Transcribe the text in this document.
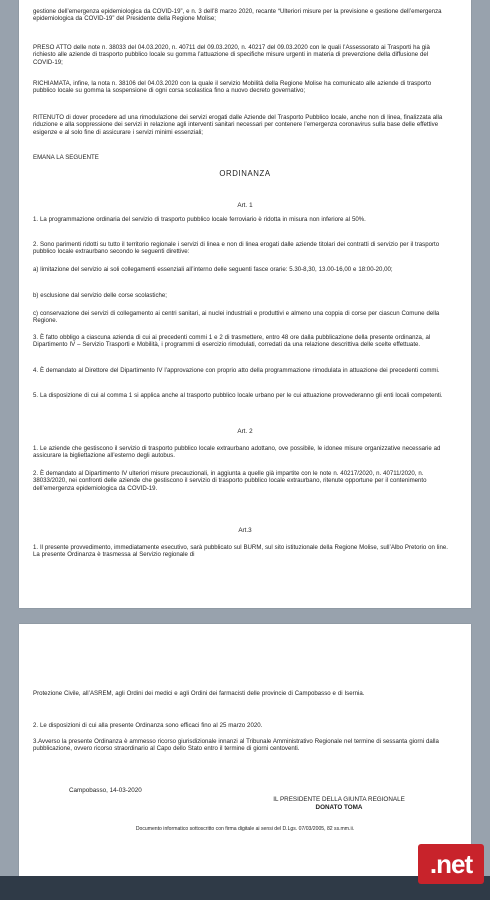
gestione dell’emergenza epidemiologica da COVID-19”, e n. 3 dell’8 marzo 2020, recante “Ulteriori misure per la previsione e gestione dell’emergenza epidemiologica da COVID-19” del Presidente della Regione Molise;

PRESO ATTO delle note n. 38033 del 04.03.2020, n. 40711 del 09.03.2020, n. 40217 del 09.03.2020 con le quali l’Assessorato ai Trasporti ha già richiesto alle aziende di trasporto pubblico locale su gomma l’attuazione di specifiche misure urgenti in materia di prevenzione della diffusione del COVID-19;

RICHIAMATA, infine, la nota n. 38106 del 04.03.2020 con la quale il servizio Mobilità della Regione Molise ha comunicato alle aziende di trasporto pubblico locale su gomma la sospensione di ogni corsa scolastica fino a nuovo decreto governativo;

RITENUTO di dover procedere ad una rimodulazione dei servizi erogati dalle Aziende del Trasporto Pubblico locale, anche non di linea, finalizzata alla riduzione e alla soppressione dei servizi in relazione agli interventi sanitari necessari per contenere l’emergenza coronavirus sulla base delle effettive esigenze e al solo fine di assicurare i servizi minimi essenziali;

EMANA LA SEGUENTE

ORDINANZA

Art. 1

1. La programmazione ordinaria del servizio di trasporto pubblico locale ferroviario è ridotta in misura non inferiore al 50%.

2. Sono parimenti ridotti su tutto il territorio regionale i servizi di linea e non di linea erogati dalle aziende titolari dei contratti di servizio per il trasporto pubblico locale extraurbano secondo le seguenti direttive:

a) limitazione del servizio ai soli collegamenti essenziali all’interno delle seguenti fasce orarie: 5.30-8,30, 13.00-16,00 e 18:00-20,00;

b) esclusione dal servizio delle corse scolastiche;

c) conservazione dei servizi di collegamento ai centri sanitari, ai nuclei industriali e produttivi e almeno una coppia di corse per ciascun Comune della Regione.

3. È fatto obbligo a ciascuna azienda di cui ai precedenti commi 1 e 2 di trasmettere, entro 48 ore dalla pubblicazione della presente ordinanza, al Dipartimento IV – Servizio Trasporti e Mobilità, i programmi di esercizio rimodulati, corredati da una relazione descrittiva delle scelte effettuate.

4. È demandato al Direttore del Dipartimento IV l’approvazione con proprio atto della programmazione rimodulata in attuazione dei precedenti commi.

5. La disposizione di cui al comma 1 si applica anche al trasporto pubblico locale urbano per le cui attuazione provvederanno gli enti locali competenti.

Art. 2

1. Le aziende che gestiscono il servizio di trasporto pubblico locale extraurbano adottano, ove possibile, le idonee misure organizzative necessarie ad assicurare la bigliettazione all’esterno degli autobus.

2. È demandato al Dipartimento IV ulteriori misure precauzionali, in aggiunta a quelle già impartite con le note n. 40217/2020, n. 40711/2020, n. 38033/2020, nei confronti delle aziende che gestiscono il servizio di trasporto pubblico locale extraurbano, ritenute opportune per il contenimento dell’emergenza epidemiologica da COVID-19.

Art.3

1. Il presente provvedimento, immediatamente esecutivo, sarà pubblicato sul BURM, sul sito istituzionale della Regione Molise, sull’Albo Pretorio on line. La presente Ordinanza è trasmessa al Servizio regionale di

Protezione Civile, all’ASREM, agli Ordini dei medici e agli Ordini dei farmacisti delle provincie di Campobasso e di Isernia.

2. Le disposizioni di cui alla presente Ordinanza sono efficaci fino al 25 marzo 2020.

3.Avverso la presente Ordinanza è ammesso ricorso giurisdizionale innanzi al Tribunale Amministrativo Regionale nel termine di sessanta giorni dalla pubblicazione, ovvero ricorso straordinario al Capo dello Stato entro il termine di giorni centoventi.

Campobasso, 14-03-2020
IL PRESIDENTE DELLA GIUNTA REGIONALE
DONATO TOMA
Documento informatico sottoscritto con firma digitale ai sensi del D.Lgs. 07/03/2005, 82 ss.mm.ii.
.net
